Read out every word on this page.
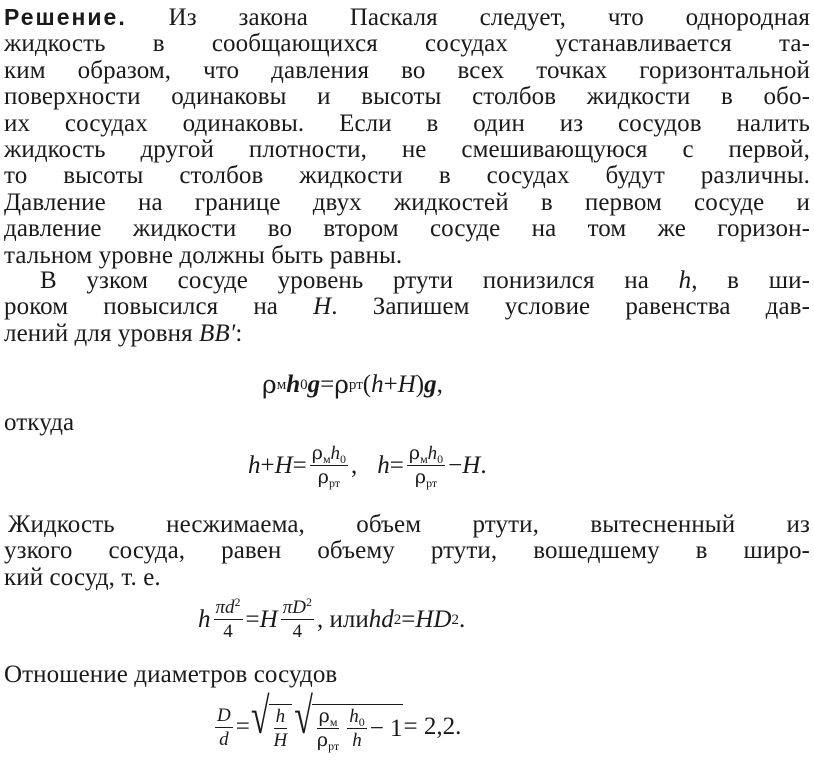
Решение. Из закона Паскаля следует, что однородная
жидкость в сообщающихся сосудах устанавливается та-
ким образом, что давления во всех точках горизонтальной
поверхности одинаковы и высоты столбов жидкости в обо-
их сосудах одинаковы. Если в один из сосудов налить
жидкость другой плотности, не смешивающуюся с первой,
то высоты столбов жидкости в сосудах будут различны.
Давление на границе двух жидкостей в первом сосуде и
давление жидкости во втором сосуде на том же горизон-
тальном уровне должны быть равны.
В узком сосуде уровень ртути понизился на h, в ши-
роком повысился на H. Запишем условие равенства дав-
лений для уровня BB′:
ρ м h 0 g = ρ рт ( h + H ) g ,
откуда
$h + H = \frac{\rho_мh_0}{\rho_{рт}}$ , $h = \frac{\rho_мh_0}{\rho_{рт}} - H$ .
Жидкость несжимаема, объем ртути, вытесненный из
узкого сосуда, равен объему ртути, вошедшему в широ-
кий сосуд, т. е.
h $\frac{\pi d^2}{4} = H \frac{\pi D^2}{4}$ , или h d 2 = H D 2 .
Отношение диаметров сосудов
$\frac{D}{d}$ = √ $\frac{h}{H}$ √ $\frac{\rho_м}{\rho_{рт}} \frac{h_0}{h} - 1 = 2,2$.
